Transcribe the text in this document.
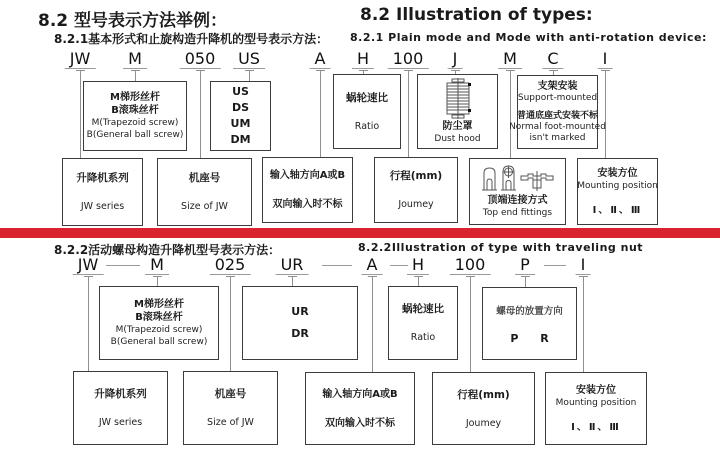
8.2 型号表示方法举例：	8.2 Illustration of types:
8.2.1基本形式和止旋构造升降机的型号表示方法： 8.2.1 Plain mode and Mode with anti-rotation device:
JW	M	050	US	A	H	100	J	M	C	I
M梯形丝杆
B滚珠丝杆
M(Trapezoid screw)
B(General ball screw)
US
DS
UM
DM
蜗轮速比
Ratio	防尘罩
Dust hood
支架安装
Support-mounted
普通底座式安装不标
Normal foot-mounted
isn't marked
升降机系列
JW series
机座号
Size of JW
输入轴方向A或B
双向输入时不标
行程(mm)
Joumey	顶端连接方式
Top end fittings
安装方位
Mounting position
Ⅰ、Ⅱ、Ⅲ
8.2.2活动螺母构造升降机型号表示方法：	8.2.2Illustration of type with traveling nut
JW	M	025	UR	A	H	100	P	I
M梯形丝杆
B滚珠丝杆
M(Trapezoid screw)
B(General ball screw)
UR
DR
蜗轮速比
Ratio
螺母的放置方向
P R
升降机系列
JW series
机座号
Size of JW
输入轴方向A或B
双向输入时不标
行程(mm)
Joumey
安装方位
Mounting position
Ⅰ、Ⅱ、Ⅲ
